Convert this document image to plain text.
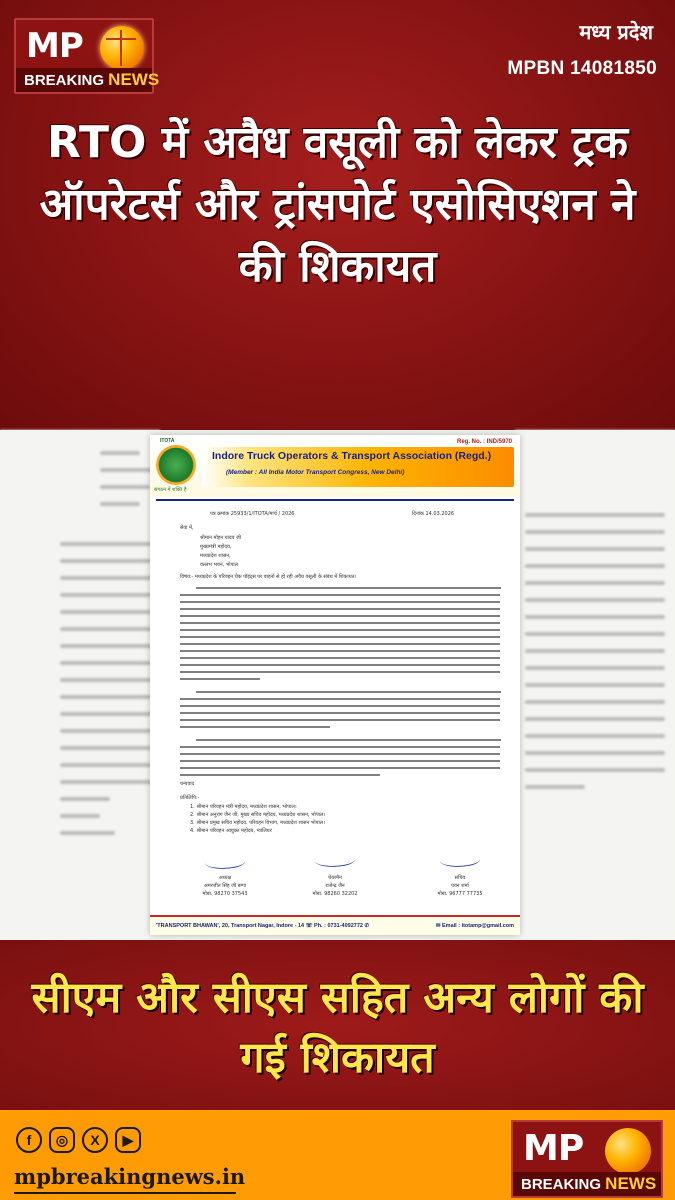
MP
BREAKING NEWS
मध्य प्रदेश
MPBN 14081850
RTO में अवैध वसूली को लेकर ट्रक ऑपरेटर्स और ट्रांसपोर्ट एसोसिएशन ने की शिकायत
ITOTA
संगठन में शक्ति है
Reg. No. : IND/5970
Indore Truck Operators & Transport Association (Regd.)
(Member : All India Motor Transport Congress, New Delhi)
पत्र क्रमांक 25933/1/ITOTA/मार्च / 2026	दिनांक 14.03.2026
सेवा में,
श्रीमान मोहन यादव जी
मुख्यमंत्री महोदय,
मध्यप्रदेश शासन,
वल्लभ भवन, भोपाल
विषय:- मध्यप्रदेश के परिवहन चेक पॉइंट्स पर वाहनों से हो रही अवैध वसूली के संबंध में शिकायत।
धन्यवाद
प्रतिलिपि:-
1. श्रीमान परिवहन मंत्री महोदय, मध्यप्रदेश शासन, भोपाल।
2. श्रीमान अनुराग जैन जी, मुख्य सचिव महोदय, मध्यप्रदेश शासन, भोपाल।
3. श्रीमान प्रमुख सचिव महोदय, परिवहन विभाग, मध्यप्रदेश शासन भोपाल।
4. श्रीमान परिवहन आयुक्त महोदय, ग्वालियर
अध्यक्ष
अमरजीत सिंह जी बग्गा
मोबा. 98270 37543
चेयरमैन
राजेन्द्र जैन
मोबा. 98260 32202
सचिव
पवन शर्मा
मोबा. 96777 77735
'TRANSPORT BHAWAN', 20, Transport Nagar, Indore - 14 ☏ Ph. : 0731-4092772 ✆	✉ Email : itotamp@gmail.com
सीएम और सीएस सहित अन्य लोगों की गई शिकायत
f	◎	X	▶
mpbreakingnews.in
MP
BREAKING NEWS
